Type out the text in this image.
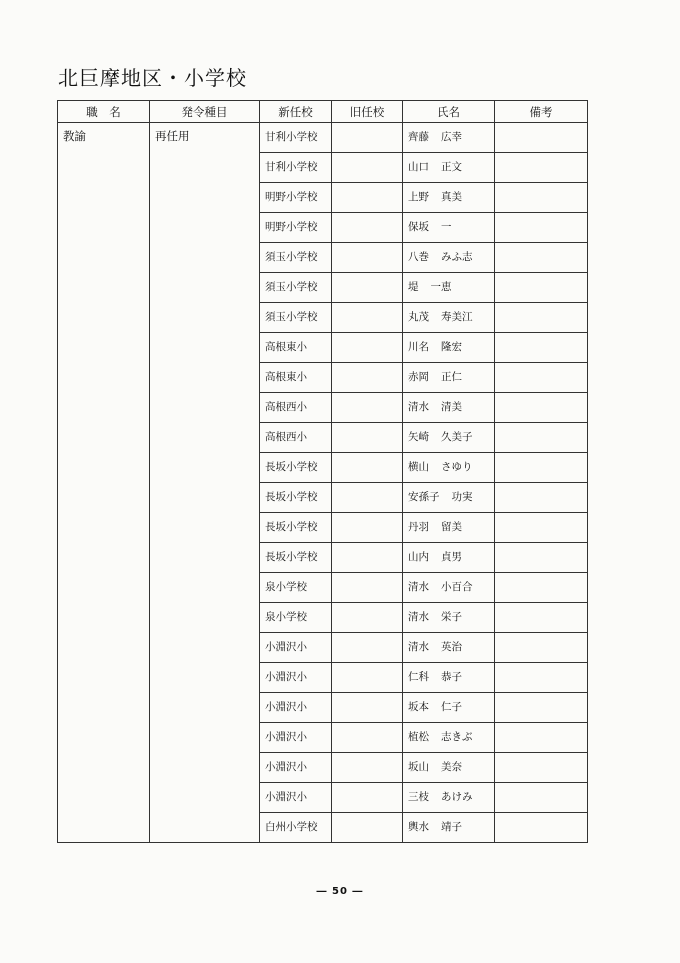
北巨摩地区・小学校
職　名	発令種目	新任校	旧任校	氏名	備考
教諭	再任用	甘利小学校		齊藤 広幸	
		甘利小学校		山口 正文	
		明野小学校		上野 真美	
		明野小学校		保坂 一	
		須玉小学校		八巻 みふ志	
		須玉小学校		堤 一恵	
		須玉小学校		丸茂 寿美江	
		高根東小		川名 隆宏	
		高根東小		赤岡 正仁	
		高根西小		清水 清美	
		高根西小		矢崎 久美子	
		長坂小学校		横山 さゆり	
		長坂小学校		安孫子 功実	
		長坂小学校		丹羽 留美	
		長坂小学校		山内 貞男	
		泉小学校		清水 小百合	
		泉小学校		清水 栄子	
		小淵沢小		清水 英治	
		小淵沢小		仁科 恭子	
		小淵沢小		坂本 仁子	
		小淵沢小		植松 志きぶ	
		小淵沢小		坂山 美奈	
		小淵沢小		三枝 あけみ	
		白州小学校		輿水 靖子	
― 50 ―
